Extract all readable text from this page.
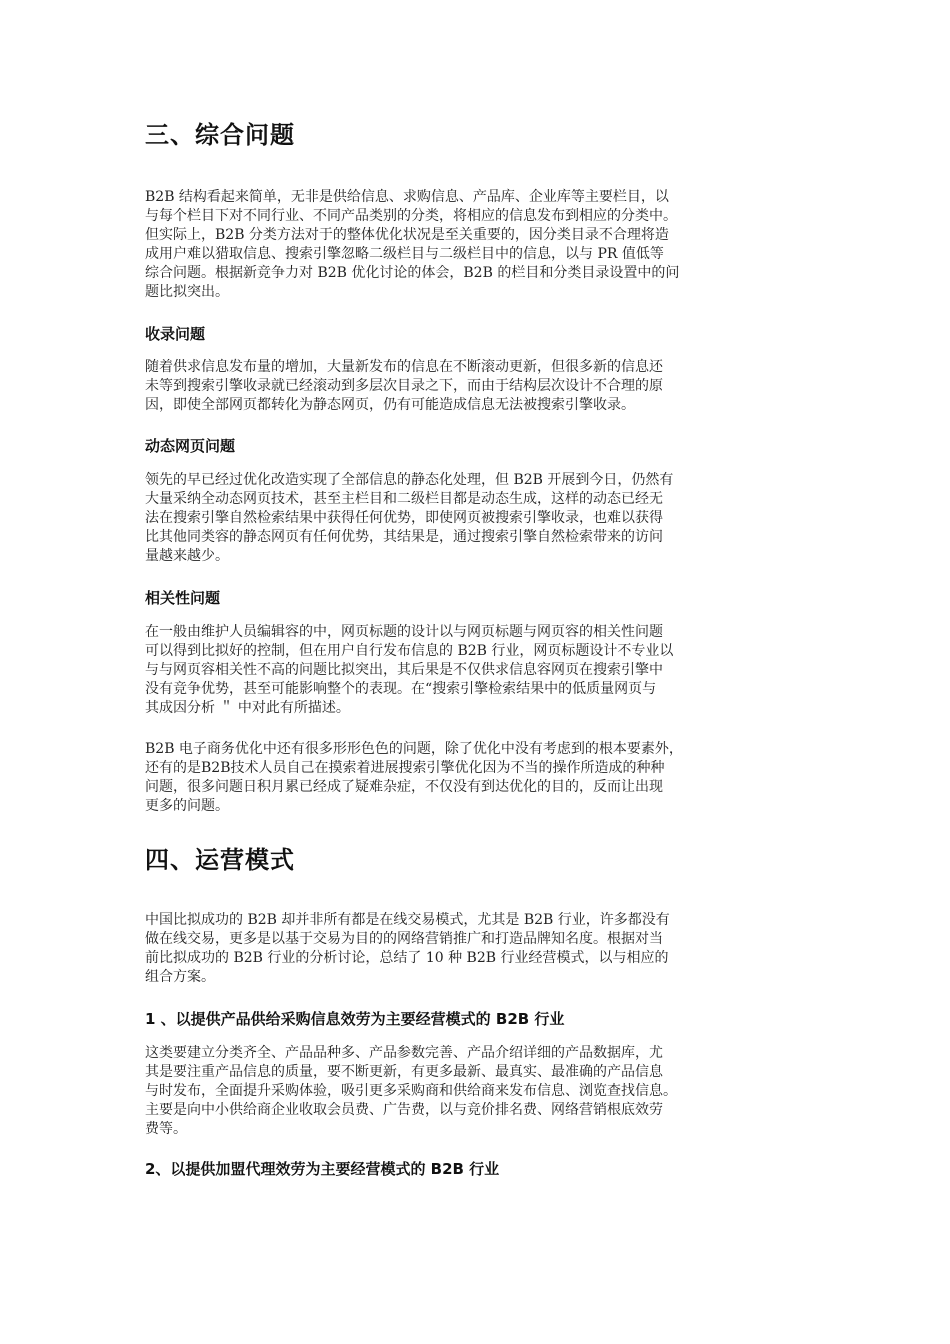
三、综合问题
B2B 结构看起来简单，无非是供给信息、求购信息、产品库、企业库等主要栏目，以
与每个栏目下对不同行业、不同产品类别的分类，将相应的信息发布到相应的分类中。
但实际上，B2B 分类方法对于的整体优化状况是至关重要的，因分类目录不合理将造
成用户难以猎取信息、搜索引擎忽略二级栏目与二级栏目中的信息，以与 PR 值低等
综合问题。根据新竞争力对 B2B 优化讨论的体会，B2B 的栏目和分类目录设置中的问
题比拟突出。
收录问题
随着供求信息发布量的增加，大量新发布的信息在不断滚动更新，但很多新的信息还
未等到搜索引擎收录就已经滚动到多层次目录之下，而由于结构层次设计不合理的原
因，即使全部网页都转化为静态网页，仍有可能造成信息无法被搜索引擎收录。
动态网页问题
领先的早已经过优化改造实现了全部信息的静态化处理，但 B2B 开展到今日，仍然有
大量采纳全动态网页技术，甚至主栏目和二级栏目都是动态生成，这样的动态已经无
法在搜索引擎自然检索结果中获得任何优势，即使网页被搜索引擎收录，也难以获得
比其他同类容的静态网页有任何优势，其结果是，通过搜索引擎自然检索带来的访问
量越来越少。
相关性问题
在一般由维护人员编辑容的中，网页标题的设计以与网页标题与网页容的相关性问题
可以得到比拟好的控制，但在用户自行发布信息的 B2B 行业，网页标题设计不专业以
与与网页容相关性不高的问题比拟突出，其后果是不仅供求信息容网页在搜索引擎中
没有竞争优势，甚至可能影响整个的表现。在“搜索引擎检索结果中的低质量网页与
其成因分析 ＂ 中对此有所描述。
B2B 电子商务优化中还有很多形形色色的问题，除了优化中没有考虑到的根本要素外，
还有的是B2B技术人员自己在摸索着进展搜索引擎优化因为不当的操作所造成的种种
问题，很多问题日积月累已经成了疑难杂症，不仅没有到达优化的目的，反而让出现
更多的问题。
四、运营模式
中国比拟成功的 B2B 却并非所有都是在线交易模式，尤其是 B2B 行业，许多都没有
做在线交易，更多是以基于交易为目的的网络营销推广和打造品牌知名度。根据对当
前比拟成功的 B2B 行业的分析讨论，总结了 10 种 B2B 行业经营模式，以与相应的
组合方案。
1 、以提供产品供给采购信息效劳为主要经营模式的 B2B 行业
这类要建立分类齐全、产品品种多、产品参数完善、产品介绍详细的产品数据库，尤
其是要注重产品信息的质量，要不断更新，有更多最新、最真实、最准确的产品信息
与时发布，全面提升采购体验，吸引更多采购商和供给商来发布信息、浏览查找信息。
主要是向中小供给商企业收取会员费、广告费，以与竞价排名费、网络营销根底效劳
费等。
2、以提供加盟代理效劳为主要经营模式的 B2B 行业
